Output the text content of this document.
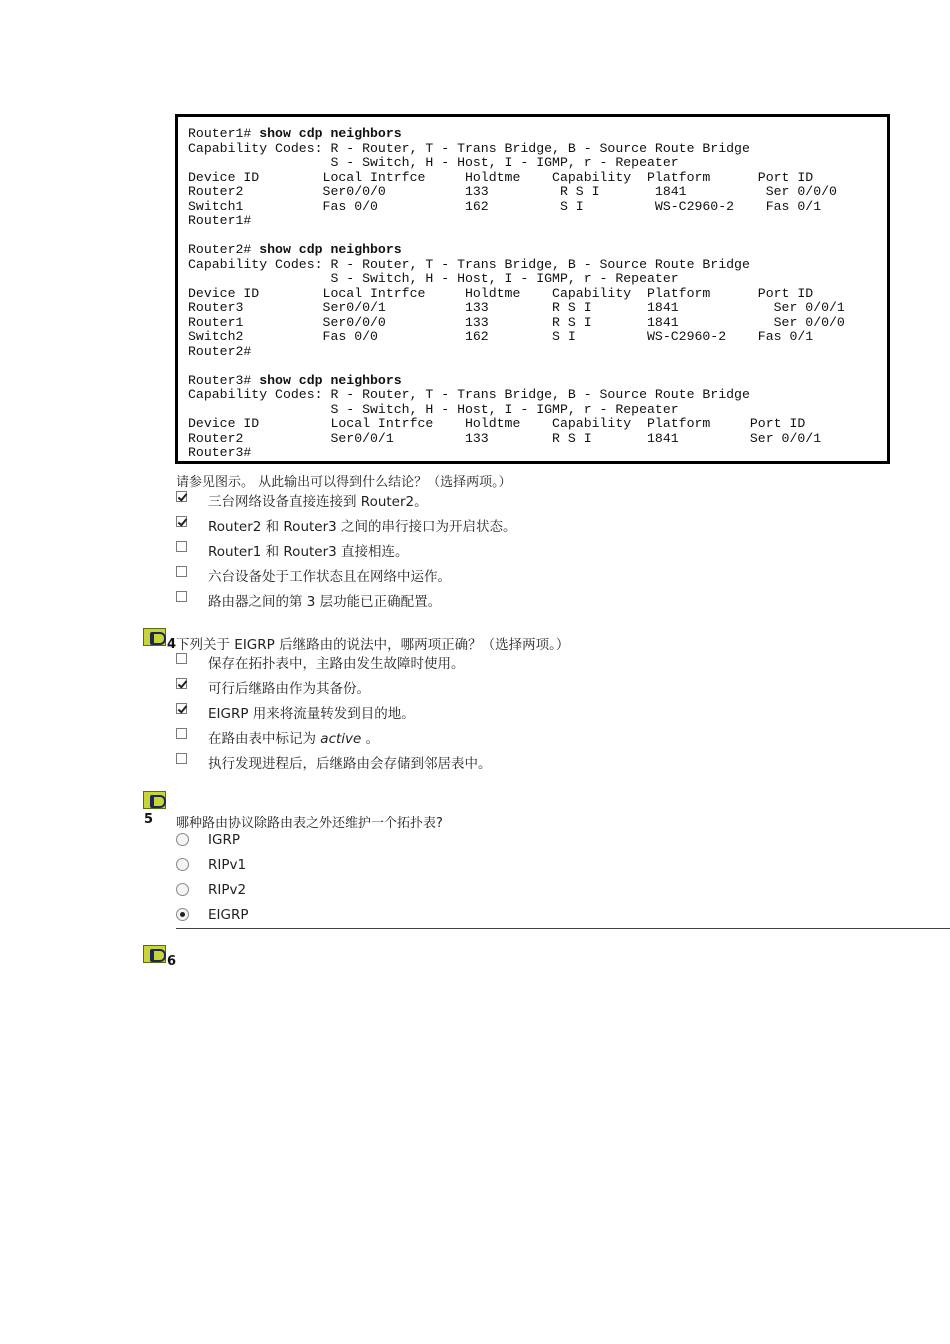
Router1# show cdp neighbors
Capability Codes: R - Router, T - Trans Bridge, B - Source Route Bridge
S - Switch, H - Host, I - IGMP, r - Repeater
Device ID        Local Intrfce     Holdtme    Capability  Platform      Port ID
Router2          Ser0/0/0          133         R S I       1841          Ser 0/0/0
Switch1          Fas 0/0           162         S I         WS-C2960-2    Fas 0/1
Router1#

Router2# show cdp neighbors
Capability Codes: R - Router, T - Trans Bridge, B - Source Route Bridge
S - Switch, H - Host, I - IGMP, r - Repeater
Device ID        Local Intrfce     Holdtme    Capability  Platform      Port ID
Router3          Ser0/0/1          133        R S I       1841            Ser 0/0/1
Router1          Ser0/0/0          133        R S I       1841            Ser 0/0/0
Switch2          Fas 0/0           162        S I         WS-C2960-2    Fas 0/1
Router2#

Router3# show cdp neighbors
Capability Codes: R - Router, T - Trans Bridge, B - Source Route Bridge
S - Switch, H - Host, I - IGMP, r - Repeater
Device ID         Local Intrfce    Holdtme    Capability  Platform     Port ID
Router2           Ser0/0/1         133        R S I       1841         Ser 0/0/1
Router3#
请参见图示。 从此输出可以得到什么结论？（选择两项。）
三台网络设备直接连接到 Router2。
Router2 和 Router3 之间的串行接口为开启状态。
Router1 和 Router3 直接相连。
六台设备处于工作状态且在网络中运作。
路由器之间的第 3 层功能已正确配置。
4 下列关于 EIGRP 后继路由的说法中，哪两项正确？（选择两项。）
保存在拓扑表中，主路由发生故障时使用。
可行后继路由作为其备份。
EIGRP 用来将流量转发到目的地。
在路由表中标记为 active 。
执行发现进程后，后继路由会存储到邻居表中。
5 哪种路由协议除路由表之外还维护一个拓扑表?
IGRP
RIPv1
RIPv2
EIGRP
6
